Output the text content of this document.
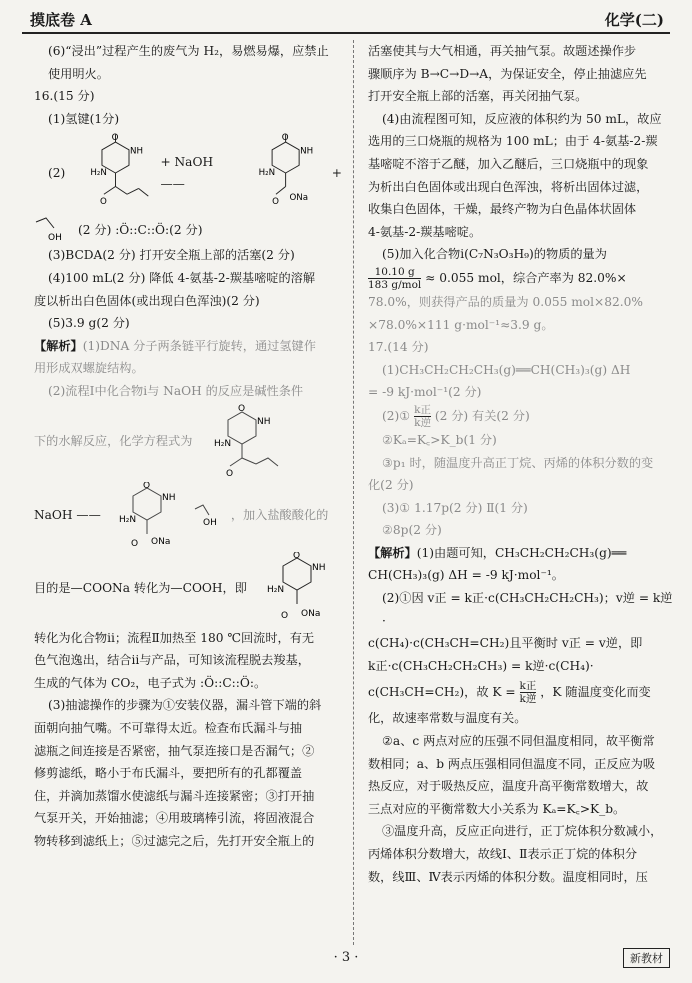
摸底卷 A	化学(二)

(6)“浸出”过程产生的废气为 H₂，易燃易爆，应禁止

使用明火。

16.(15 分)

(1)氢键(1分)

(2)
O
NH
H₂N
O
+ NaOH ——
O
NH
H₂N
O ONa
+
OH
(2 分) :Ö::C::Ö:(2 分)

(3)BCDA(2 分) 打开安全瓶上部的活塞(2 分)

(4)100 mL(2 分) 降低 4-氨基-2-羰基嘧啶的溶解

度以析出白色固体(或出现白色浑浊)(2 分)

(5)3.9 g(2 分)

【解析】(1)DNA 分子两条链平行旋转，通过氢键作

用形成双螺旋结构。

(2)流程Ⅰ中化合物ⅰ与 NaOH 的反应是碱性条件

下的水解反应，化学方程式为
O
NH
H₂N
O
NaOH ——
O
NH
H₂N
O ONa
OH
，加入盐酸酸化的
目的是—COONa 转化为—COOH，即
O
NH
H₂N
O ONa

转化为化合物ⅱ；流程Ⅱ加热至 180 ℃回流时，有无

色气泡逸出，结合ⅱ与产品，可知该流程脱去羧基，

生成的气体为 CO₂，电子式为 :Ö::C::Ö:。

(3)抽滤操作的步骤为①安装仪器，漏斗管下端的斜

面朝向抽气嘴。不可靠得太近。检查布氏漏斗与抽

滤瓶之间连接是否紧密，抽气泵连接口是否漏气；②

修剪滤纸，略小于布氏漏斗，要把所有的孔都覆盖

住，并滴加蒸馏水使滤纸与漏斗连接紧密；③打开抽

气泵开关，开始抽滤；④用玻璃棒引流，将固液混合

物转移到滤纸上；⑤过滤完之后，先打开安全瓶上的

活塞使其与大气相通，再关抽气泵。故题述操作步

骤顺序为 B→C→D→A，为保证安全，停止抽滤应先

打开安全瓶上部的活塞，再关闭抽气泵。

(4)由流程图可知，反应液的体积约为 50 mL，故应

选用的三口烧瓶的规格为 100 mL；由于 4-氨基-2-羰

基嘧啶不溶于乙醚，加入乙醚后，三口烧瓶中的现象

为析出白色固体或出现白色浑浊，将析出固体过滤，

收集白色固体，干燥，最终产物为白色晶体状固体

4-氨基-2-羰基嘧啶。

(5)加入化合物ⅰ(C₇N₃O₃H₉)的物质的量为

$\frac{10.10 g}{\text{183 g/mol}} \approx 0.055$ mol，综合产率为 82.0%×

78.0%，则获得产品的质量为 0.055 mol×82.0%

×78.0%×111 g·mol⁻¹≈3.9 g。

17.(14 分)

(1)CH₃CH₂CH₂CH₃(g)══CH(CH₃)₃(g) ΔH

= -9 kJ·mol⁻¹(2 分)

(2)① $\frac{\text{k正}}{\text{k逆}} (2$ 分) 有关(2 分)

②Kₐ=K꜀>K_b(1 分)

③p₁ 时，随温度升高正丁烷、丙烯的体积分数的变

化(2 分)

(3)① 1.17p(2 分) Ⅱ(1 分)

②8p(2 分)

【解析】(1)由题可知，CH₃CH₂CH₂CH₃(g)══

CH(CH₃)₃(g) ΔH = -9 kJ·mol⁻¹。

(2)①因 v正 = k正·c(CH₃CH₂CH₂CH₃)；v逆 = k逆·

c(CH₄)·c(CH₃CH=CH₂)且平衡时 v正 = v逆，即

k正·c(CH₃CH₂CH₂CH₃) = k逆·c(CH₄)·

c(CH₃CH=CH₂)，故 $K = \frac{\text{k正}}{\text{k逆}}$ ，K 随温度变化而变

化，故速率常数与温度有关。

②a、c 两点对应的压强不同但温度相同，故平衡常

数相同；a、b 两点压强相同但温度不同，正反应为吸

热反应，对于吸热反应，温度升高平衡常数增大，故

三点对应的平衡常数大小关系为 Kₐ=K꜀>K_b。

③温度升高，反应正向进行，正丁烷体积分数减小，

丙烯体积分数增大，故线Ⅰ、Ⅱ表示正丁烷的体积分

数，线Ⅲ、Ⅳ表示丙烯的体积分数。温度相同时，压

· 3 ·	新教材
